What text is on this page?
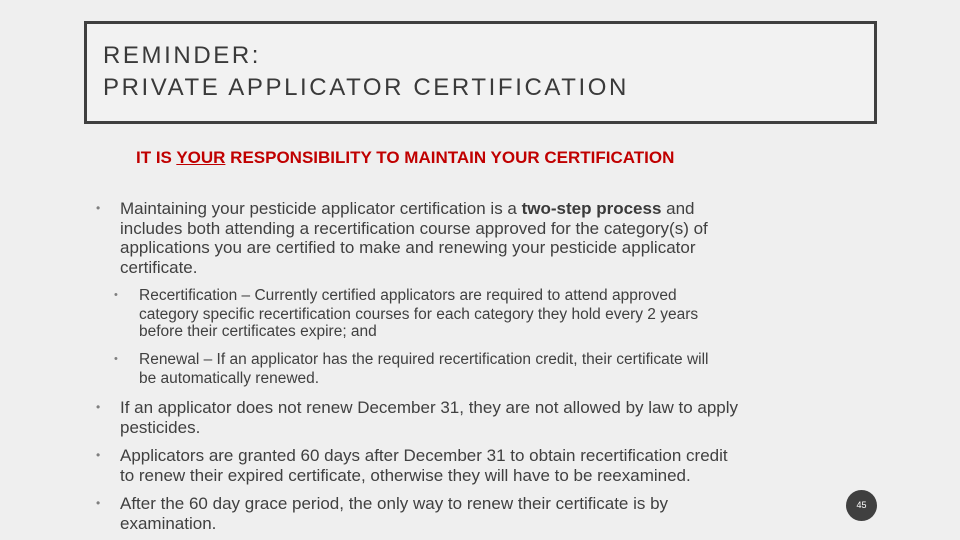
REMINDER:
PRIVATE APPLICATOR CERTIFICATION
IT IS YOUR RESPONSIBILITY TO MAINTAIN YOUR CERTIFICATION
• Maintaining your pesticide applicator certification is a two-step process and
includes both attending a recertification course approved for the category(s) of
applications you are certified to make and renewing your pesticide applicator
certificate.
• Recertification – Currently certified applicators are required to attend approved
category specific recertification courses for each category they hold every 2 years
before their certificates expire; and
• Renewal – If an applicator has the required recertification credit, their certificate will
be automatically renewed.
• If an applicator does not renew December 31, they are not allowed by law to apply
pesticides.
• Applicators are granted 60 days after December 31 to obtain recertification credit
to renew their expired certificate, otherwise they will have to be reexamined.
• After the 60 day grace period, the only way to renew their certificate is by
examination.
45
